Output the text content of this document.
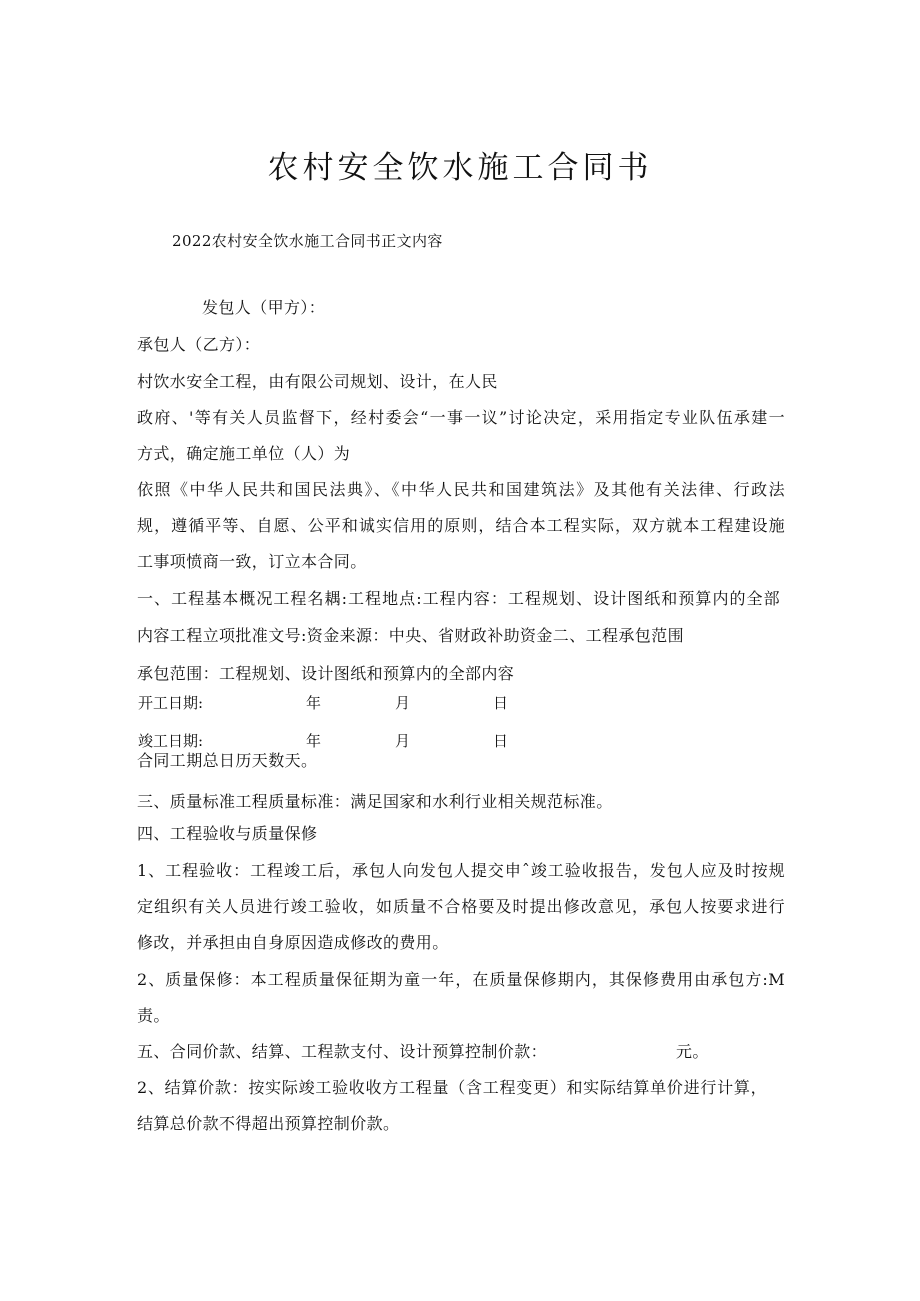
农村安全饮水施工合同书
2022农村安全饮水施工合同书正文内容
发包人（甲方）：
承包人（乙方）：
村饮水安全工程，由有限公司规划、设计，在人民
政府、'等有关人员监督下，经村委会“一事一议”讨论决定，采用指定专业队伍承建一
方式，确定施工单位（人）为
依照《中华人民共和国民法典》、《中华人民共和国建筑法》及其他有关法律、行政法
规，遵循平等、自愿、公平和诚实信用的原则，结合本工程实际，双方就本工程建设施
工事项愤商一致，订立本合同。
一、工程基本概况工程名耦:工程地点:工程内容：工程规划、设计图纸和预算内的全部
内容工程立项批准文号:资金来源：中央、省财政补助资金二、工程承包范围
承包范围：工程规划、设计图纸和预算内的全部内容
开工日期:	年	月	日
竣工日期:	年	月	日
合同工期总日历天数天。
三、质量标准工程质量标准：满足国家和水利行业相关规范标准。
四、工程验收与质量保修
1、工程验收：工程竣工后，承包人向发包人提交申ˆ竣工验收报告，发包人应及时按规
定组织有关人员进行竣工验收，如质量不合格要及时提出修改意见，承包人按要求进行
修改，并承担由自身原因造成修改的费用。
2、质量保修：本工程质量保征期为童一年，在质量保修期内，其保修费用由承包方:M
责。
五、合同价款、结算、工程款支付、设计预算控制价款：	元。
2、结算价款：按实际竣工验收收方工程量（含工程变更）和实际结算单价进行计算，
结算总价款不得超出预算控制价款。
